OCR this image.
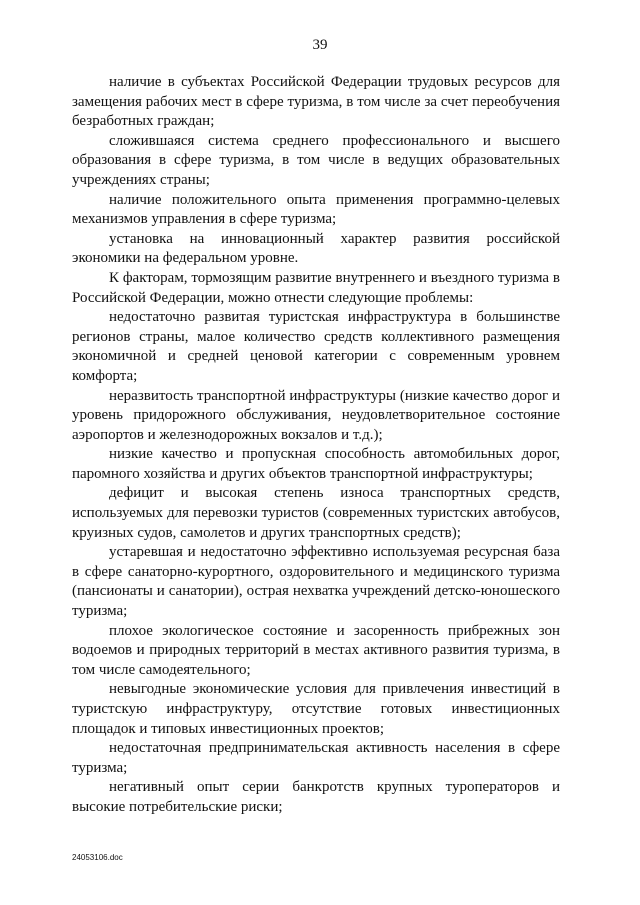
39

наличие в субъектах Российской Федерации трудовых ресурсов для замещения рабочих мест в сфере туризма, в том числе за счет переобучения безработных граждан;

сложившаяся система среднего профессионального и высшего образования в сфере туризма, в том числе в ведущих образовательных учреждениях страны;

наличие положительного опыта применения программно-целевых механизмов управления в сфере туризма;

установка на инновационный характер развития российской экономики на федеральном уровне.

К факторам, тормозящим развитие внутреннего и въездного туризма в Российской Федерации, можно отнести следующие проблемы:

недостаточно развитая туристская инфраструктура в большинстве регионов страны, малое количество средств коллективного размещения экономичной и средней ценовой категории с современным уровнем комфорта;

неразвитость транспортной инфраструктуры (низкие качество дорог и уровень придорожного обслуживания, неудовлетворительное состояние аэропортов и железнодорожных вокзалов и т.д.);

низкие качество и пропускная способность автомобильных дорог, паромного хозяйства и других объектов транспортной инфраструктуры;

дефицит и высокая степень износа транспортных средств, используемых для перевозки туристов (современных туристских автобусов, круизных судов, самолетов и других транспортных средств);

устаревшая и недостаточно эффективно используемая ресурсная база в сфере санаторно-курортного, оздоровительного и медицинского туризма (пансионаты и санатории), острая нехватка учреждений детско-юношеского туризма;

плохое экологическое состояние и засоренность прибрежных зон водоемов и природных территорий в местах активного развития туризма, в том числе самодеятельного;

невыгодные экономические условия для привлечения инвестиций в туристскую инфраструктуру, отсутствие готовых инвестиционных площадок и типовых инвестиционных проектов;

недостаточная предпринимательская активность населения в сфере туризма;

негативный опыт серии банкротств крупных туроператоров и высокие потребительские риски;

24053106.doc
